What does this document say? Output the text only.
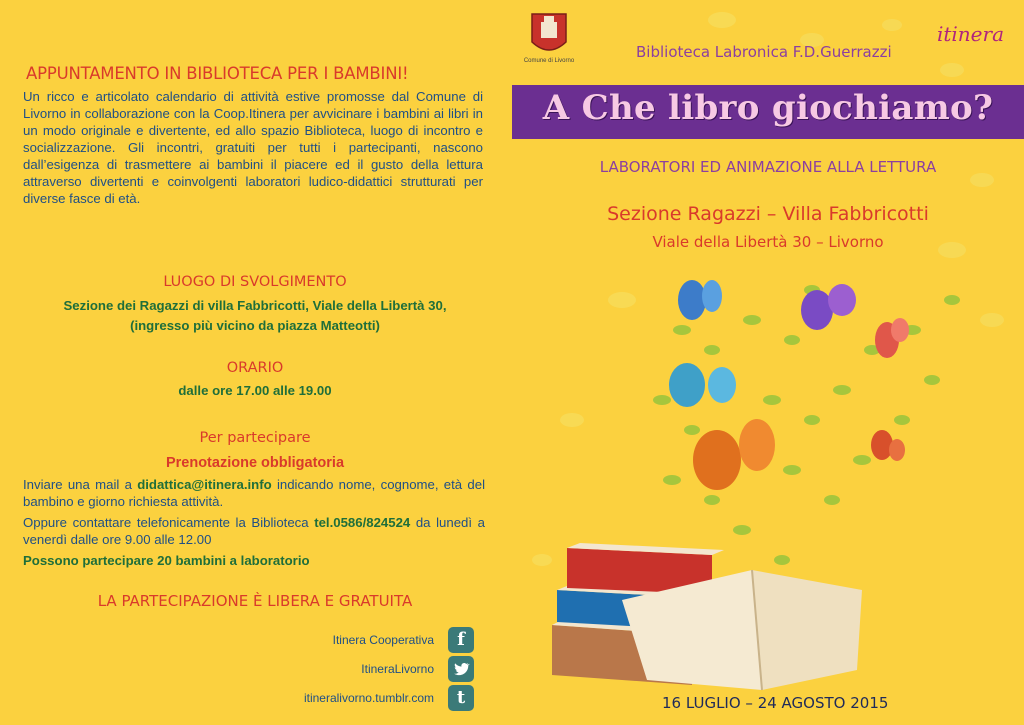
APPUNTAMENTO IN BIBLIOTECA PER I BAMBINI!
Un ricco e articolato calendario di attività estive promosse dal Comune di Livorno in collaborazione con la Coop.Itinera per avvicinare i bambini ai libri in un modo originale e divertente, ed allo spazio Biblioteca, luogo di incontro e socializzazione. Gli incontri, gratuiti per tutti i partecipanti, nascono dall’esigenza di trasmettere ai bambini il piacere ed il gusto della lettura attraverso divertenti e coinvolgenti laboratori ludico-didattici strutturati per diverse fasce di età.
LUOGO DI SVOLGIMENTO
Sezione dei Ragazzi di villa Fabbricotti, Viale della Libertà 30,
(ingresso più vicino da piazza Matteotti)
ORARIO
dalle ore 17.00 alle 19.00
Per partecipare
Prenotazione obbligatoria

Inviare una mail a didattica@itinera.info indicando nome, cognome, età del bambino e giorno richiesta attività.

Oppure contattare telefonicamente la Biblioteca tel.0586/824524 da lunedì a venerdì dalle ore 9.00 alle 12.00

Possono partecipare 20 bambini a laboratorio

LA PARTECIPAZIONE È LIBERA E GRATUITA
Itinera Cooperativa	f
ItineraLivorno
itineralivorno.tumblr.com	t
Comune di Livorno
itinera
Biblioteca Labronica F.D.Guerrazzi
A Che libro giochiamo?
LABORATORI ED ANIMAZIONE ALLA LETTURA
Sezione Ragazzi – Villa Fabbricotti
Viale della Libertà 30 – Livorno
16 LUGLIO – 24 AGOSTO 2015
